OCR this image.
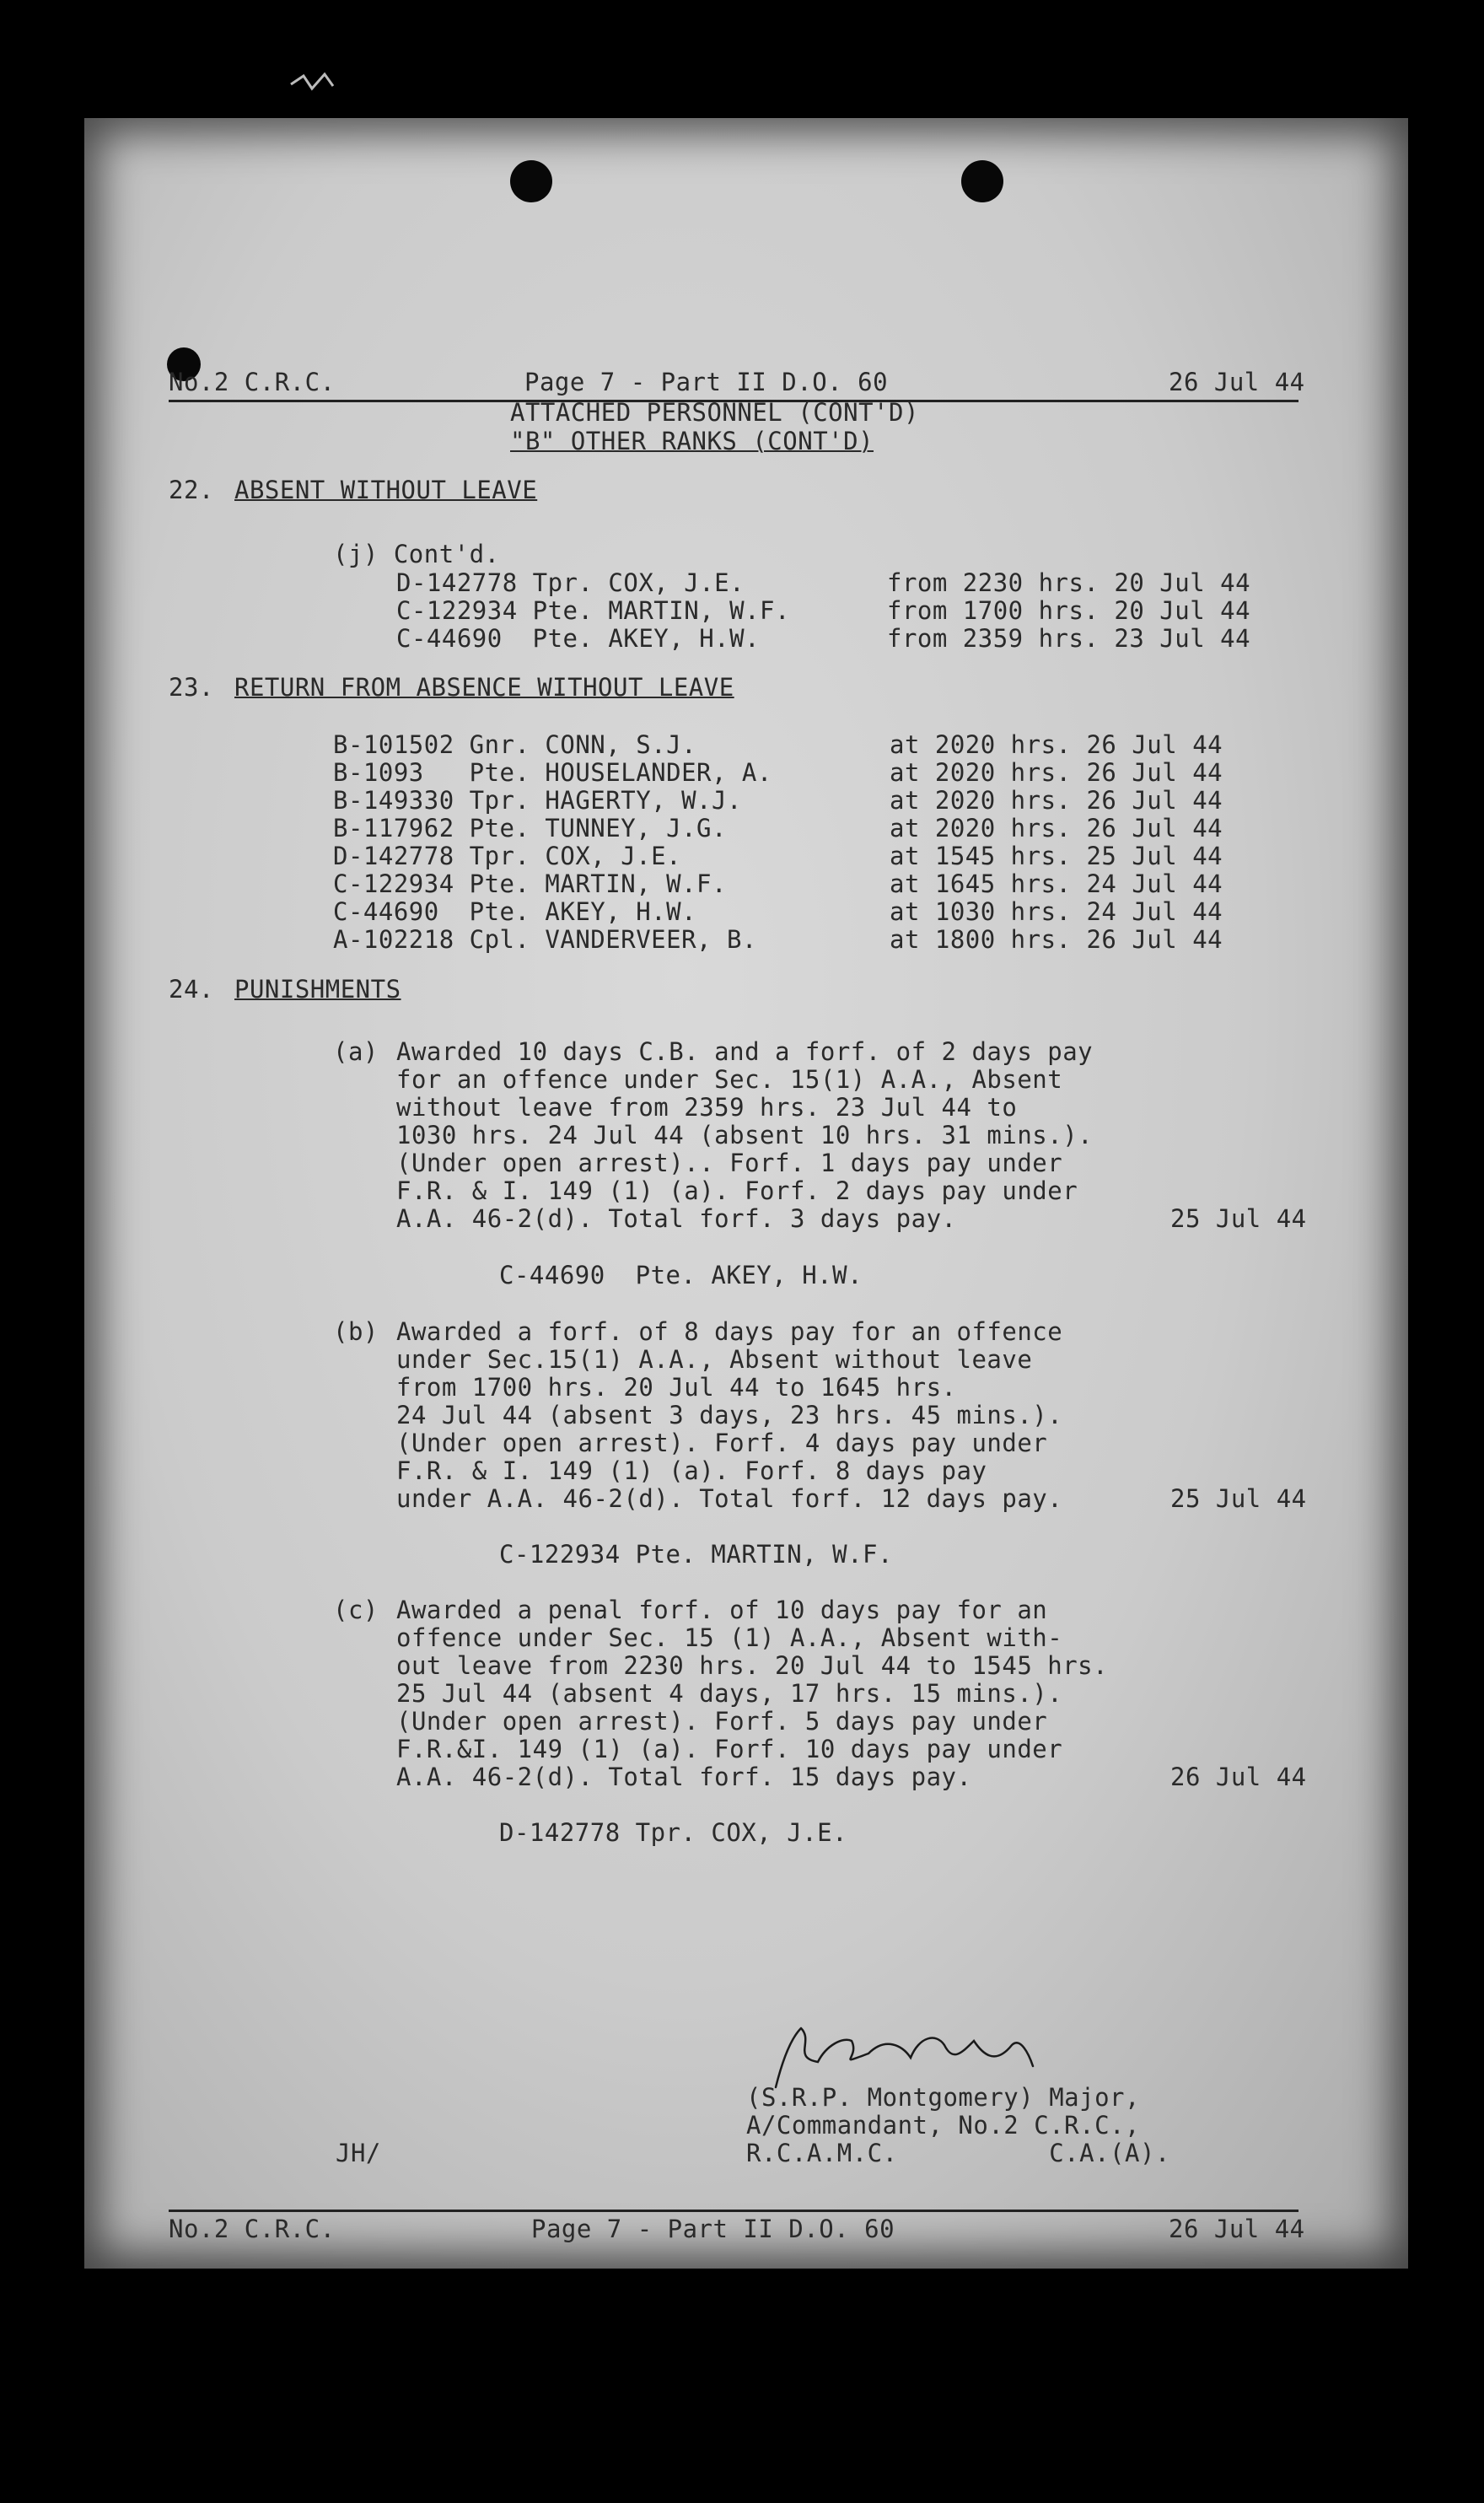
No.2 C.R.C.	Page 7 - Part II D.O. 60	26 Jul 44
ATTACHED PERSONNEL (CONT'D)
"B" OTHER RANKS (CONT'D)
22. ABSENT WITHOUT LEAVE
(j) Cont'd.
D-142778 Tpr. COX, J.E.	from 2230 hrs. 20 Jul 44
C-122934 Pte. MARTIN, W.F.	from 1700 hrs. 20 Jul 44
C-44690  Pte. AKEY, H.W.	from 2359 hrs. 23 Jul 44
23. RETURN FROM ABSENCE WITHOUT LEAVE
B-101502 Gnr. CONN, S.J.	at 2020 hrs. 26 Jul 44
B-1093   Pte. HOUSELANDER, A.	at 2020 hrs. 26 Jul 44
B-149330 Tpr. HAGERTY, W.J.	at 2020 hrs. 26 Jul 44
B-117962 Pte. TUNNEY, J.G.	at 2020 hrs. 26 Jul 44
D-142778 Tpr. COX, J.E.	at 1545 hrs. 25 Jul 44
C-122934 Pte. MARTIN, W.F.	at 1645 hrs. 24 Jul 44
C-44690  Pte. AKEY, H.W.	at 1030 hrs. 24 Jul 44
A-102218 Cpl. VANDERVEER, B.	at 1800 hrs. 26 Jul 44
24. PUNISHMENTS
(a) Awarded 10 days C.B. and a forf. of 2 days pay
for an offence under Sec. 15(1) A.A., Absent
without leave from 2359 hrs. 23 Jul 44 to
1030 hrs. 24 Jul 44 (absent 10 hrs. 31 mins.).
(Under open arrest).. Forf. 1 days pay under
F.R. & I. 149 (1) (a). Forf. 2 days pay under
A.A. 46-2(d). Total forf. 3 days pay.	25 Jul 44
C-44690  Pte. AKEY, H.W.
(b) Awarded a forf. of 8 days pay for an offence
under Sec.15(1) A.A., Absent without leave
from 1700 hrs. 20 Jul 44 to 1645 hrs.
24 Jul 44 (absent 3 days, 23 hrs. 45 mins.).
(Under open arrest). Forf. 4 days pay under
F.R. & I. 149 (1) (a). Forf. 8 days pay
under A.A. 46-2(d). Total forf. 12 days pay.	25 Jul 44
C-122934 Pte. MARTIN, W.F.
(c) Awarded a penal forf. of 10 days pay for an
offence under Sec. 15 (1) A.A., Absent with-
out leave from 2230 hrs. 20 Jul 44 to 1545 hrs.
25 Jul 44 (absent 4 days, 17 hrs. 15 mins.).
(Under open arrest). Forf. 5 days pay under
F.R.&I. 149 (1) (a). Forf. 10 days pay under
A.A. 46-2(d). Total forf. 15 days pay.	26 Jul 44
D-142778 Tpr. COX, J.E.
(S.R.P. Montgomery) Major,
A/Commandant, No.2 C.R.C.,
R.C.A.M.C.          C.A.(A).
JH/
No.2 C.R.C.	Page 7 - Part II D.O. 60	26 Jul 44
